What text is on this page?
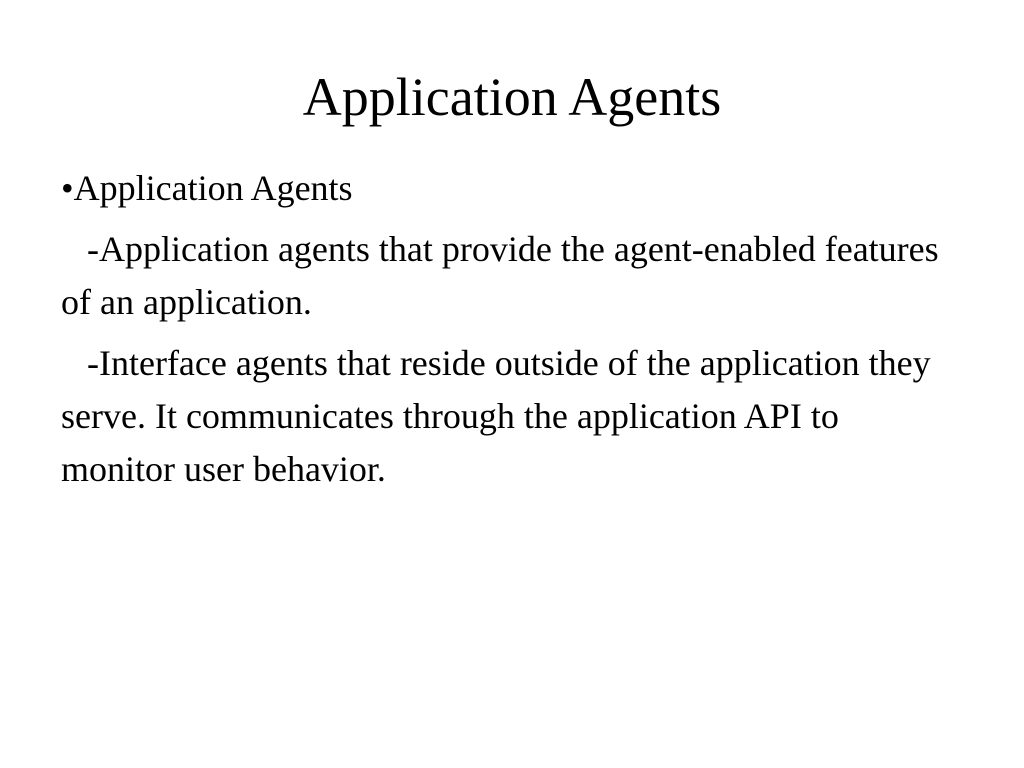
Application Agents

•Application Agents

-Application agents that provide the agent-enabled features of an application.

-Interface agents that reside outside of the application they serve. It communicates through the application API to monitor user behavior.
